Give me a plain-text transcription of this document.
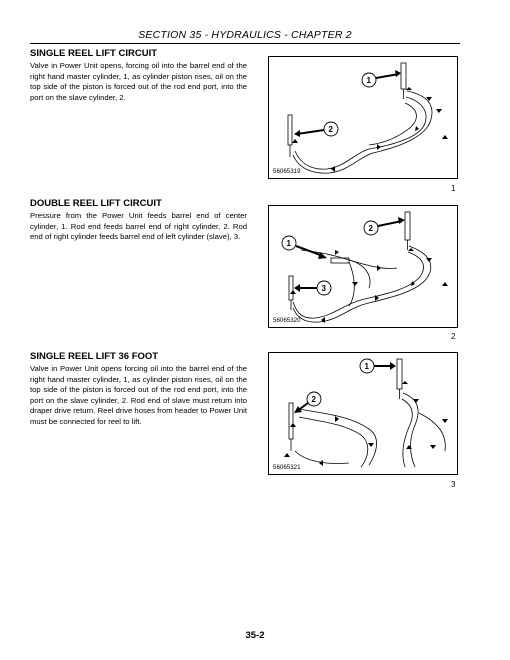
SECTION 35 - HYDRAULICS - CHAPTER 2
SINGLE REEL LIFT CIRCUIT
Valve in Power Unit opens, forcing oil into the barrel end of the right hand master cylinder, 1, as cylinder piston rises, oil on the top side of the piston is forced out of the rod end port, into the port on the slave cylinder, 2.
1
2
56065319
1
DOUBLE REEL LIFT CIRCUIT
Pressure from the Power Unit feeds barrel end of center cylinder, 1. Rod end feeds barrel end of right cylinder, 2. Rod end of right cylinder feeds barrel end of left cylinder (slave), 3.
1
2
3
56065320
2
SINGLE REEL LIFT 36 FOOT
Valve in Power Unit opens forcing oil into the barrel end of the right hand master cylinder, 1, as cylinder piston rises, oil on the top side of the piston is forced out of the rod end port, into the port on the slave cylinder, 2. Rod end of slave must return into draper drive return. Reel drive hoses from header to Power Unit must be connected for reel to lift.
1
2
56065321
3
35-2
